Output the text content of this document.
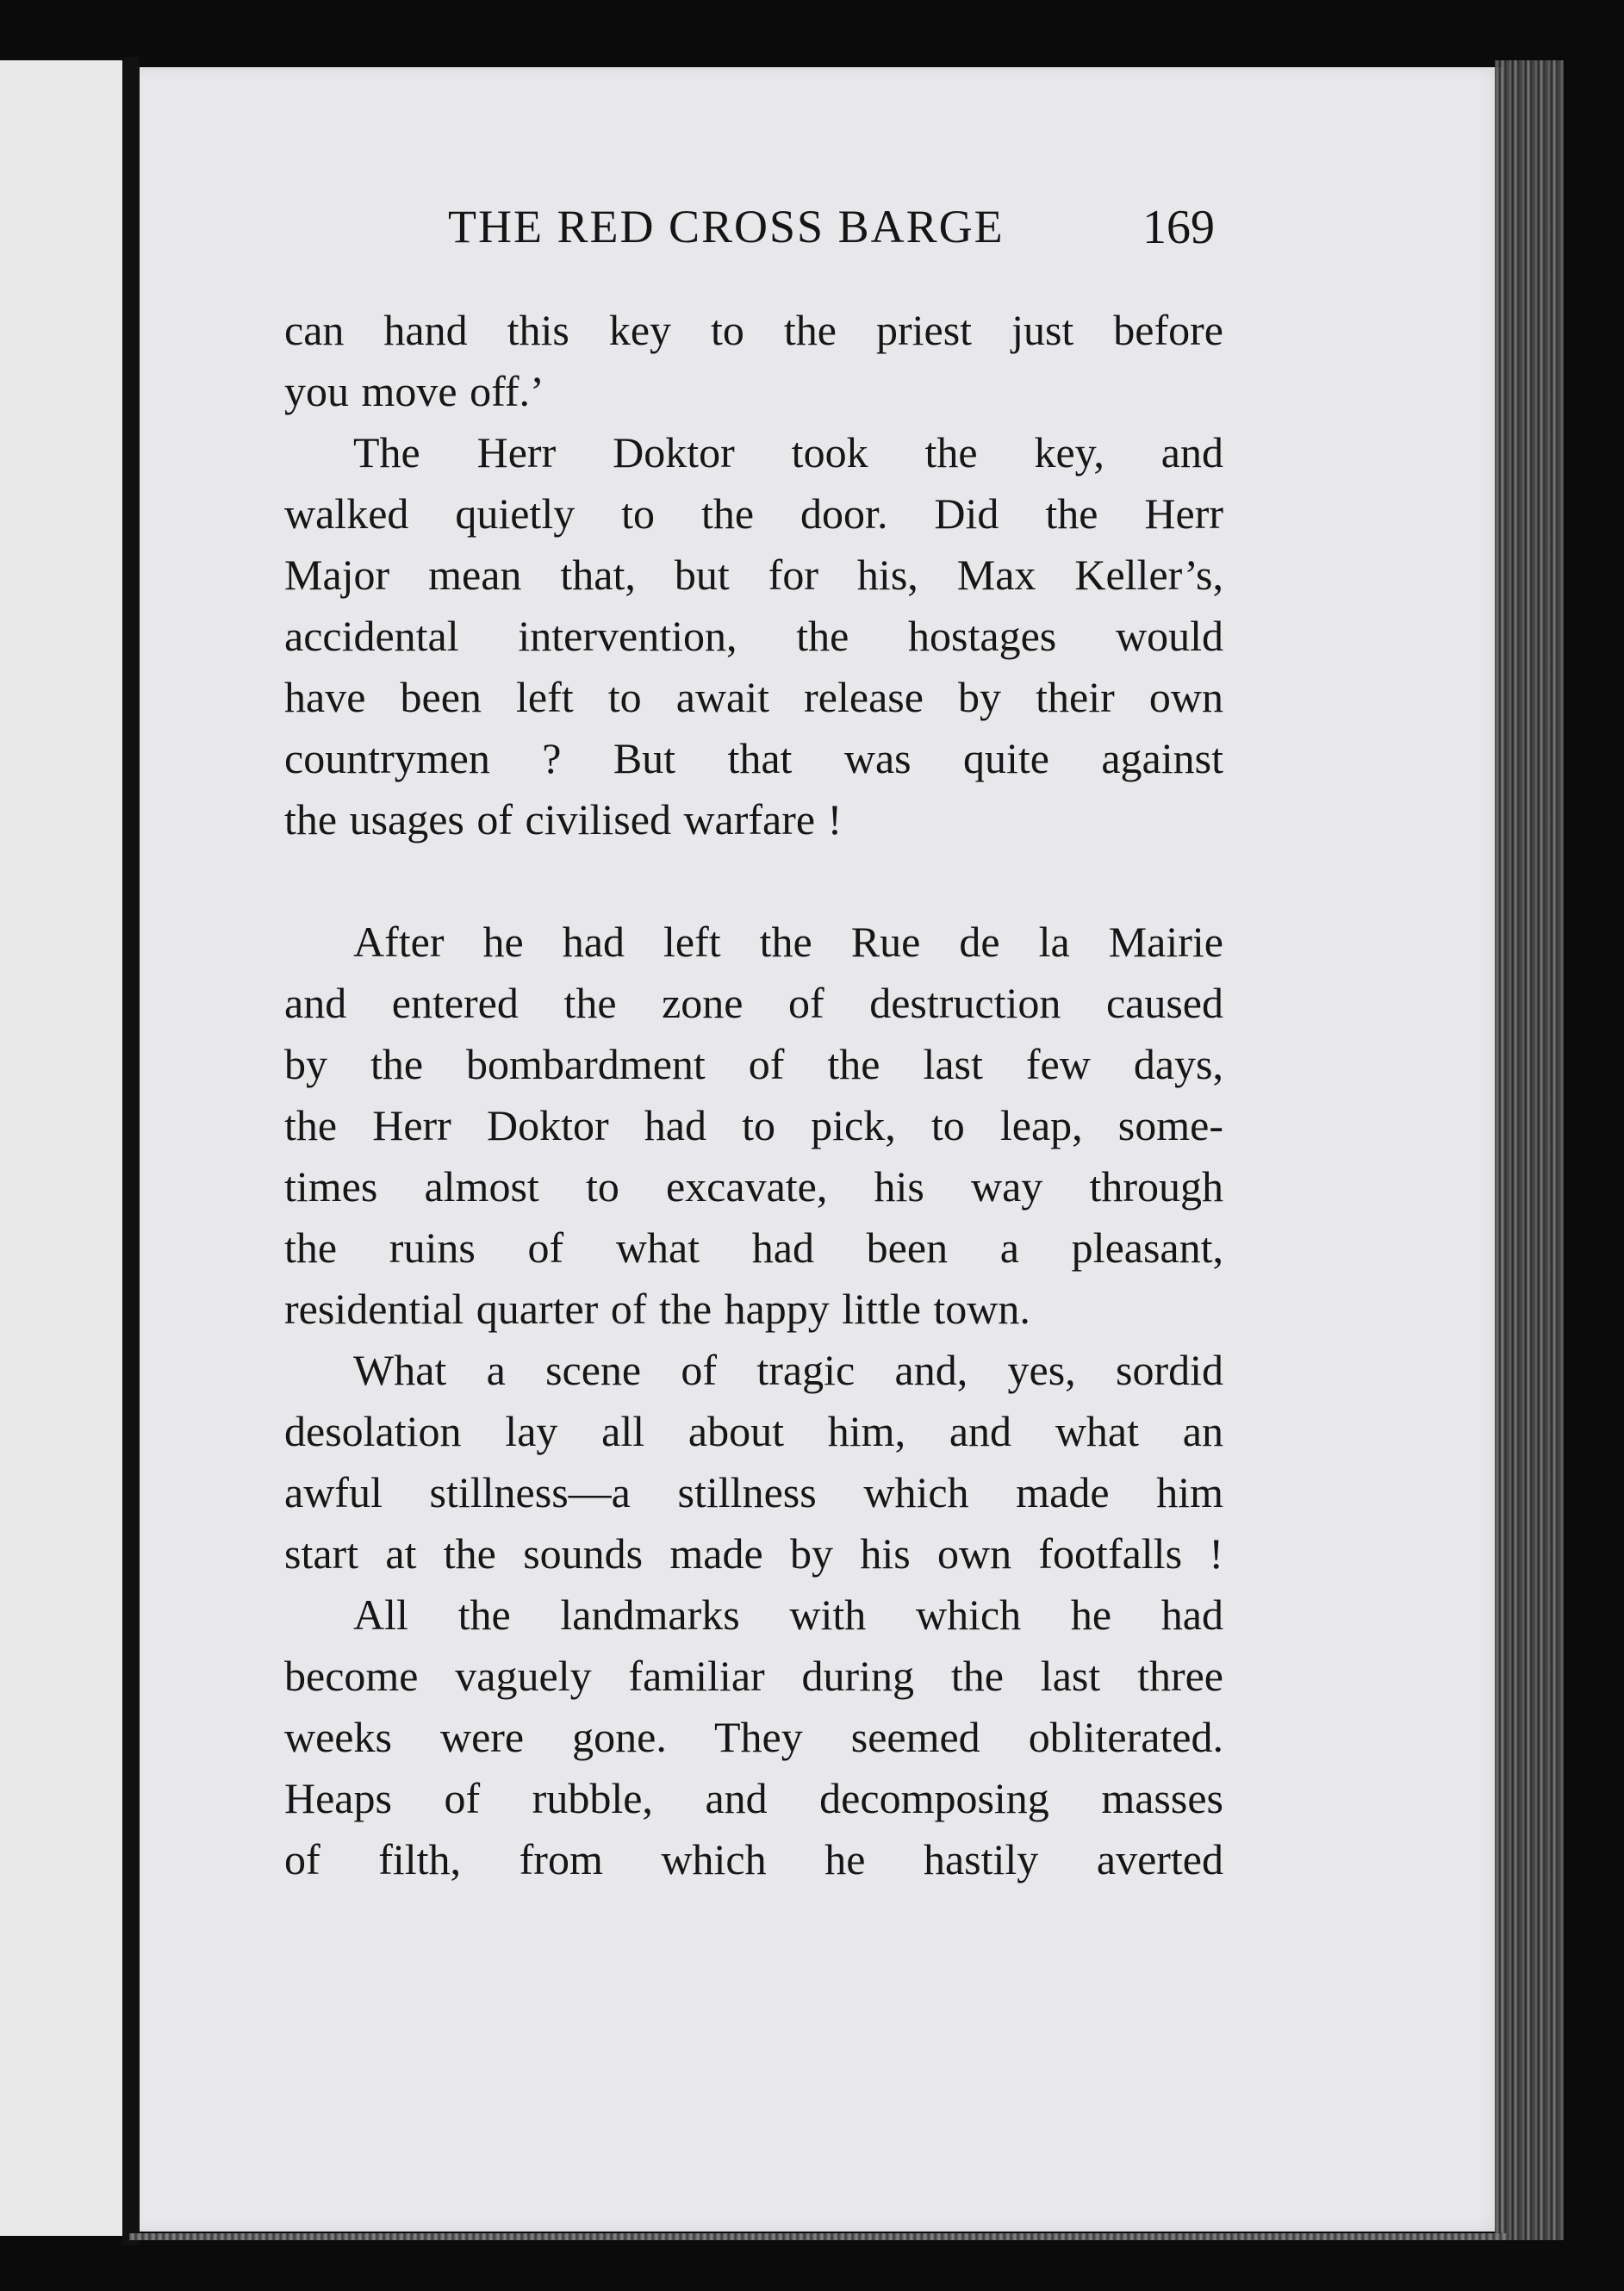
THE RED CROSS BARGE	169
can hand this key to the priest just before
you move off.’
The Herr Doktor took the key, and
walked quietly to the door. Did the Herr
Major mean that, but for his, Max Keller’s,
accidental intervention, the hostages would
have been left to await release by their own
countrymen ? But that was quite against
the usages of civilised warfare !
After he had left the Rue de la Mairie
and entered the zone of destruction caused
by the bombardment of the last few days,
the Herr Doktor had to pick, to leap, some-
times almost to excavate, his way through
the ruins of what had been a pleasant,
residential quarter of the happy little town.
What a scene of tragic and, yes, sordid
desolation lay all about him, and what an
awful stillness—a stillness which made him
start at the sounds made by his own footfalls !
All the landmarks with which he had
become vaguely familiar during the last three
weeks were gone. They seemed obliterated.
Heaps of rubble, and decomposing masses
of filth, from which he hastily averted
